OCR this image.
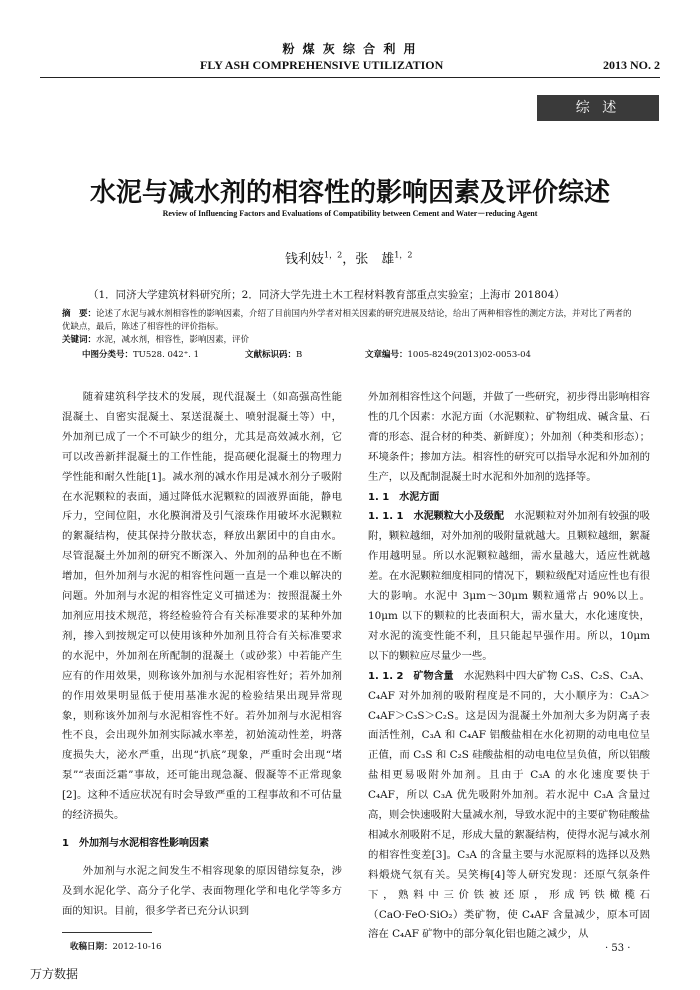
粉 煤 灰 综 合 利 用
FLY ASH COMPREHENSIVE UTILIZATION	2013 NO. 2
综 述
水泥与减水剂的相容性的影响因素及评价综述
Review of Influencing Factors and Evaluations of Compatibility between Cement and Water－reducing Agent
钱利妓$^{1,2}$，张　雄$^{1,2}$
（1．同济大学建筑材料研究所；2．同济大学先进土木工程材料教育部重点实验室；上海市 201804）
摘　要：论述了水泥与减水剂相容性的影响因素，介绍了目前国内外学者对相关因素的研究进展及结论，给出了两种相容性的测定方法，并对比了两者的优缺点，最后，陈述了相容性的评价指标。
关键词：水泥，减水剂，相容性，影响因素，评价
中图分类号：TU528. 042⁺. 1	文献标识码：B	文章编号：1005-8249(2013)02-0053-04

随着建筑科学技术的发展，现代混凝土（如高强高性能混凝土、自密实混凝土、泵送混凝土、喷射混凝土等）中，外加剂已成了一个不可缺少的组分，尤其是高效减水剂，它可以改善新拌混凝土的工作性能，提高硬化混凝土的物理力学性能和耐久性能[1]。减水剂的减水作用是减水剂分子吸附在水泥颗粒的表面，通过降低水泥颗粒的固液界面能，静电斥力，空间位阻，水化膜润滑及引气滚珠作用破坏水泥颗粒的絮凝结构，使其保持分散状态，释放出絮团中的自由水。尽管混凝土外加剂的研究不断深入、外加剂的品种也在不断增加，但外加剂与水泥的相容性问题一直是一个难以解决的问题。外加剂与水泥的相容性定义可描述为：按照混凝土外加剂应用技术规范，将经检验符合有关标准要求的某种外加剂，掺入到按规定可以使用该种外加剂且符合有关标准要求的水泥中，外加剂在所配制的混凝土（或砂浆）中若能产生应有的作用效果，则称该外加剂与水泥相容性好；若外加剂的作用效果明显低于使用基准水泥的检验结果出现异常现象，则称该外加剂与水泥相容性不好。若外加剂与水泥相容性不良，会出现外加剂实际减水率差，初始流动性差，坍落度损失大，泌水严重，出现“扒底”现象，严重时会出现“堵泵”“表面泛霜”事故，还可能出现急凝、假凝等不正常现象[2]。这种不适应状况有时会导致严重的工程事故和不可估量的经济损失。

1　外加剂与水泥相容性影响因素

外加剂与水泥之间发生不相容现象的原因错综复杂，涉及到水泥化学、高分子化学、表面物理化学和电化学等多方面的知识。目前，很多学者已充分认识到

外加剂相容性这个问题，并做了一些研究，初步得出影响相容性的几个因素：水泥方面（水泥颗粒、矿物组成、碱含量、石膏的形态、混合材的种类、新鲜度）；外加剂（种类和形态）；环境条件；掺加方法。相容性的研究可以指导水泥和外加剂的生产，以及配制混凝土时水泥和外加剂的选择等。

1. 1　水泥方面

1. 1. 1　水泥颗粒大小及级配　 水泥颗粒对外加剂有较强的吸附，颗粒越细，对外加剂的吸附量就越大。且颗粒越细，絮凝作用越明显。所以水泥颗粒越细，需水量越大，适应性就越差。在水泥颗粒细度相同的情况下，颗粒级配对适应性也有很大的影响。水泥中 3μm～30μm 颗粒通常占 90%以上。10μm 以下的颗粒的比表面积大，需水量大，水化速度快，对水泥的流变性能不利，且只能起早强作用。所以，10μm 以下的颗粒应尽量少一些。

1. 1. 2　矿物含量　 水泥熟料中四大矿物 C₃S、C₂S、C₃A、C₄AF 对外加剂的吸附程度是不同的，大小顺序为：C₃A＞C₄AF＞C₃S＞C₂S。这是因为混凝土外加剂大多为阴离子表面活性剂，C₃A 和 C₄AF 铝酸盐相在水化初期的动电电位呈正值，而 C₃S 和 C₂S 硅酸盐相的动电电位呈负值，所以铝酸盐相更易吸附外加剂。且由于 C₃A 的水化速度要快于 C₄AF，所以 C₃A 优先吸附外加剂。若水泥中 C₃A 含量过高，则会快速吸附大量减水剂，导致水泥中的主要矿物硅酸盐相减水剂吸附不足，形成大量的絮凝结构，使得水泥与减水剂的相容性变差[3]。C₃A 的含量主要与水泥原料的选择以及熟料煅烧气氛有关。吴笑梅[4]等人研究发现：还原气氛条件下，熟料中三价铁被还原，形成钙铁橄榄石（CaO·FeO·SiO₂）类矿物，使 C₄AF 含量减少，原本可固溶在 C₄AF 矿物中的部分氧化铝也随之减少，从

收稿日期：2012-10-16	· 53 ·
万方数据
